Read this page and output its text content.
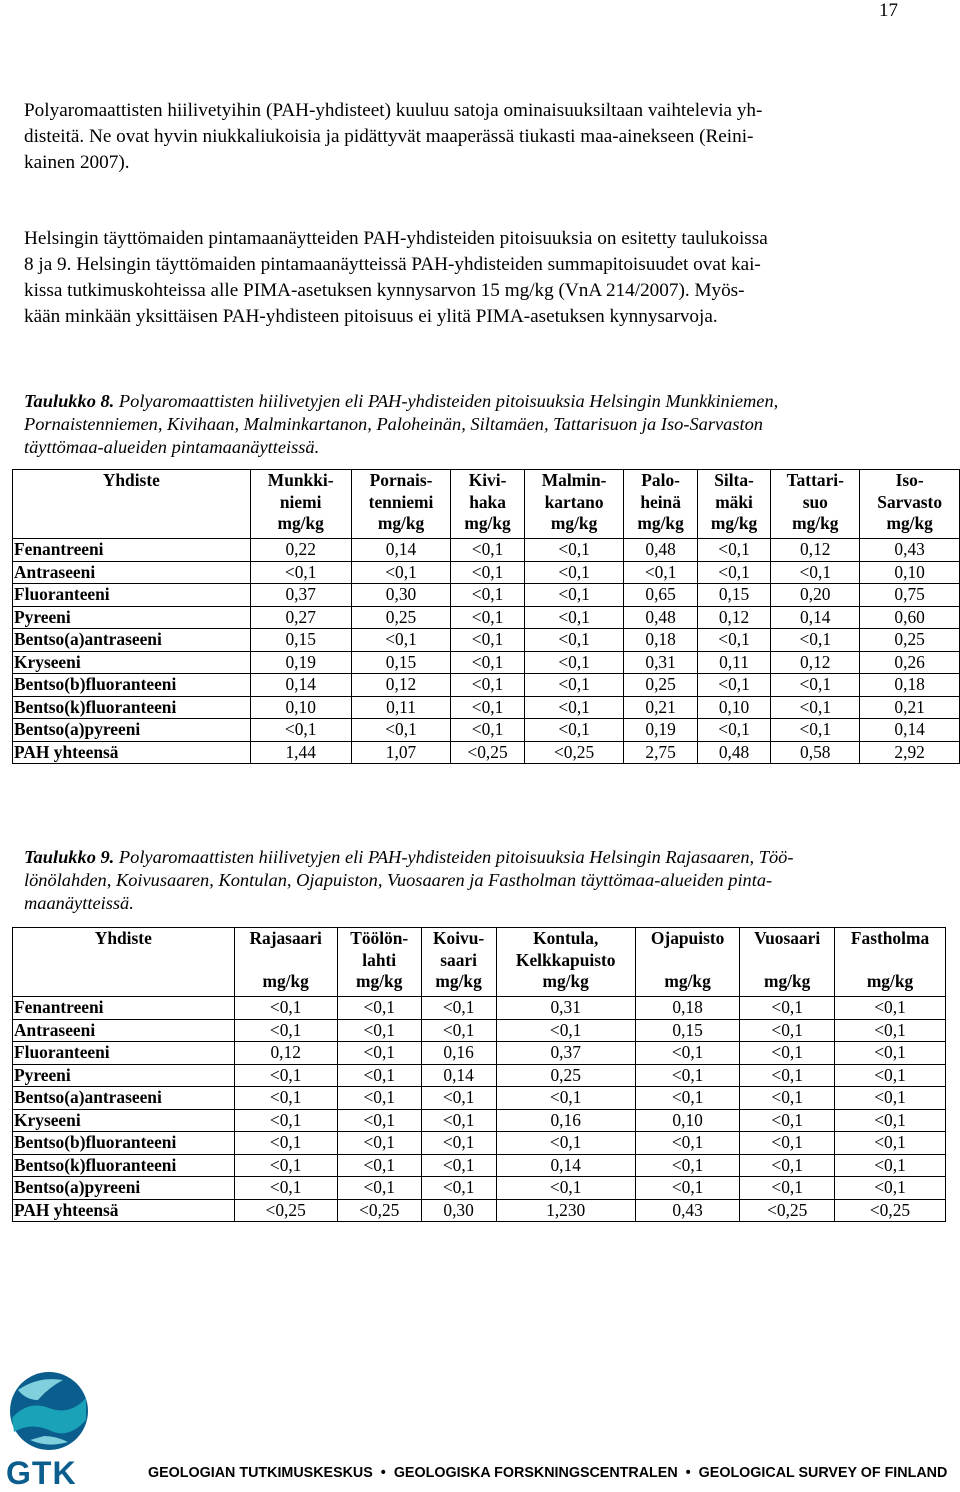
17

Polyaromaattisten hiilivetyihin (PAH-yhdisteet) kuuluu satoja ominaisuuksiltaan vaihtelevia yh-
disteitä. Ne ovat hyvin niukkaliukoisia ja pidättyvät maaperässä tiukasti maa-ainekseen (Reini-
kainen 2007).

Helsingin täyttömaiden pintamaanäytteiden PAH-yhdisteiden pitoisuuksia on esitetty taulukoissa
8 ja 9. Helsingin täyttömaiden pintamaanäytteissä PAH-yhdisteiden summapitoisuudet ovat kai-
kissa tutkimuskohteissa alle PIMA-asetuksen kynnysarvon 15 mg/kg (VnA 214/2007). Myös-
kään minkään yksittäisen PAH-yhdisteen pitoisuus ei ylitä PIMA-asetuksen kynnysarvoja.

Taulukko 8. Polyaromaattisten hiilivetyjen eli PAH-yhdisteiden pitoisuuksia Helsingin Munkkiniemen,
Pornaistenniemen, Kivihaan, Malminkartanon, Paloheinän, Siltamäen, Tattarisuon ja Iso-Sarvaston
täyttömaa-alueiden pintamaanäytteissä.

Yhdiste	Munkki-
niemi
mg/kg	Pornais-
tenniemi
mg/kg	Kivi-
haka
mg/kg	Malmin-
kartano
mg/kg	Palo-
heinä
mg/kg	Silta-
mäki
mg/kg	Tattari-
suo
mg/kg	Iso-
Sarvasto
mg/kg

Fenantreeni	0,22	0,14	<0,1	<0,1	0,48	<0,1	0,12	0,43
Antraseeni	<0,1	<0,1	<0,1	<0,1	<0,1	<0,1	<0,1	0,10
Fluoranteeni	0,37	0,30	<0,1	<0,1	0,65	0,15	0,20	0,75
Pyreeni	0,27	0,25	<0,1	<0,1	0,48	0,12	0,14	0,60
Bentso(a)antraseeni	0,15	<0,1	<0,1	<0,1	0,18	<0,1	<0,1	0,25
Kryseeni	0,19	0,15	<0,1	<0,1	0,31	0,11	0,12	0,26
Bentso(b)fluoranteeni	0,14	0,12	<0,1	<0,1	0,25	<0,1	<0,1	0,18
Bentso(k)fluoranteeni	0,10	0,11	<0,1	<0,1	0,21	0,10	<0,1	0,21
Bentso(a)pyreeni	<0,1	<0,1	<0,1	<0,1	0,19	<0,1	<0,1	0,14
PAH yhteensä	1,44	1,07	<0,25	<0,25	2,75	0,48	0,58	2,92

Taulukko 9. Polyaromaattisten hiilivetyjen eli PAH-yhdisteiden pitoisuuksia Helsingin Rajasaaren, Töö-
lönölahden, Koivusaaren, Kontulan, Ojapuiston, Vuosaaren ja Fastholman täyttömaa-alueiden pinta-
maanäytteissä.

Yhdiste	Rajasaari

mg/kg	Töölön-
lahti
mg/kg	Koivu-
saari
mg/kg	Kontula,
Kelkkapuisto
mg/kg	Ojapuisto

mg/kg	Vuosaari

mg/kg	Fastholma

mg/kg

Fenantreeni	<0,1	<0,1	<0,1	0,31	0,18	<0,1	<0,1
Antraseeni	<0,1	<0,1	<0,1	<0,1	0,15	<0,1	<0,1
Fluoranteeni	0,12	<0,1	0,16	0,37	<0,1	<0,1	<0,1
Pyreeni	<0,1	<0,1	0,14	0,25	<0,1	<0,1	<0,1
Bentso(a)antraseeni	<0,1	<0,1	<0,1	<0,1	<0,1	<0,1	<0,1
Kryseeni	<0,1	<0,1	<0,1	0,16	0,10	<0,1	<0,1
Bentso(b)fluoranteeni	<0,1	<0,1	<0,1	<0,1	<0,1	<0,1	<0,1
Bentso(k)fluoranteeni	<0,1	<0,1	<0,1	0,14	<0,1	<0,1	<0,1
Bentso(a)pyreeni	<0,1	<0,1	<0,1	<0,1	<0,1	<0,1	<0,1
PAH yhteensä	<0,25	<0,25	0,30	1,230	0,43	<0,25	<0,25
GTK	GEOLOGIAN TUTKIMUSKESKUS • GEOLOGISKA FORSKNINGSCENTRALEN • GEOLOGICAL SURVEY OF FINLAND
